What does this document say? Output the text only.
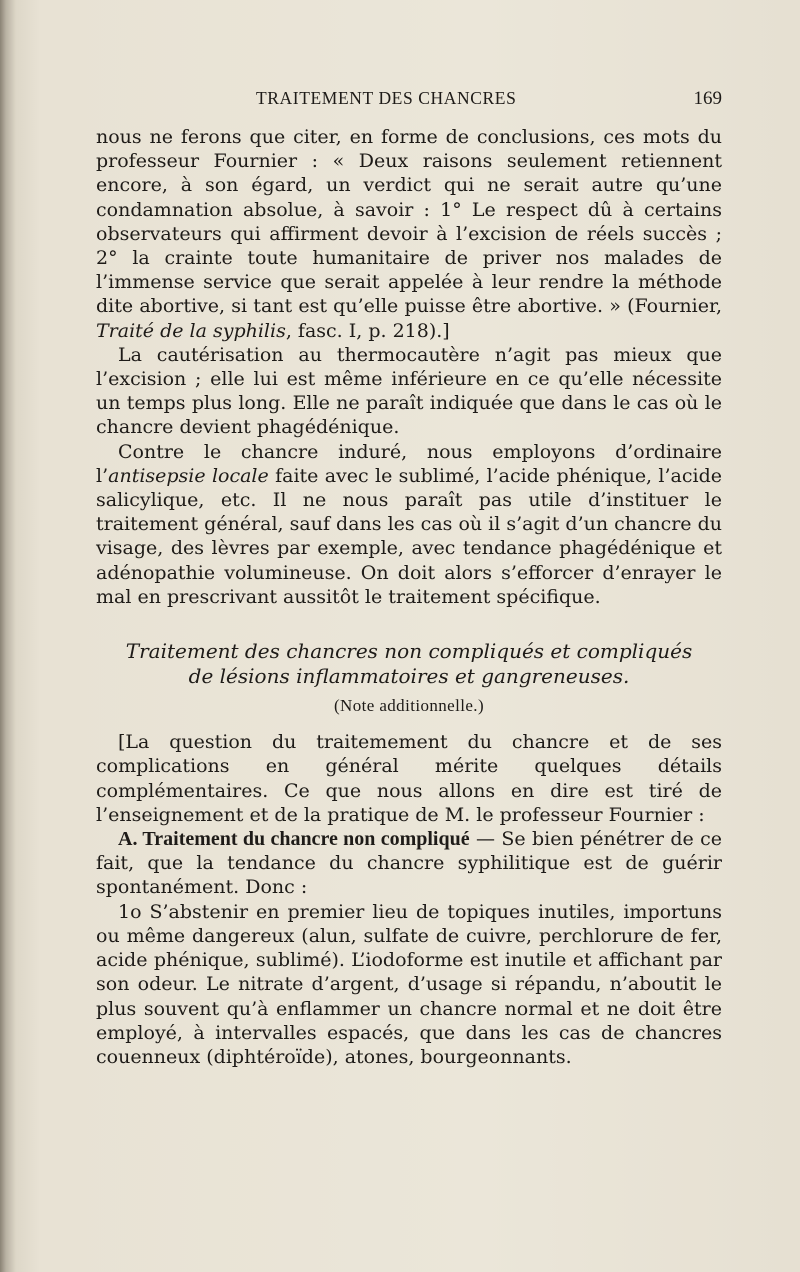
TRAITEMENT DES CHANCRES	169

nous ne ferons que citer, en forme de conclusions, ces mots du professeur Fournier : « Deux raisons seulement retiennent encore, à son égard, un verdict qui ne serait autre qu’une condamnation absolue, à savoir : 1° Le respect dû à certains observateurs qui affirment devoir à l’excision de réels succès ; 2° la crainte toute humanitaire de priver nos malades de l’immense service que serait appelée à leur rendre la méthode dite abortive, si tant est qu’elle puisse être abortive. » (Fournier, Traité de la syphilis, fasc. I, p. 218).]

La cautérisation au thermocautère n’agit pas mieux que l’excision ; elle lui est même inférieure en ce qu’elle nécessite un temps plus long. Elle ne paraît indiquée que dans le cas où le chancre devient phagédénique.

Contre le chancre induré, nous employons d’ordinaire l’antisepsie locale faite avec le sublimé, l’acide phénique, l’acide salicylique, etc. Il ne nous paraît pas utile d’instituer le traitement général, sauf dans les cas où il s’agit d’un chancre du visage, des lèvres par exemple, avec tendance phagédénique et adénopathie volumineuse. On doit alors s’efforcer d’enrayer le mal en prescrivant aussitôt le traitement spécifique.

Traitement des chancres non compliqués et compliqués
de lésions inflammatoires et gangreneuses.
(Note additionnelle.)

[La question du traitemement du chancre et de ses complications en général mérite quelques détails complémentaires. Ce que nous allons en dire est tiré de l’enseignement et de la pratique de M. le professeur Fournier :

A. Traitement du chancre non compliqué — Se bien pénétrer de ce fait, que la tendance du chancre syphilitique est de guérir spontanément. Donc :

1o S’abstenir en premier lieu de topiques inutiles, importuns ou même dangereux (alun, sulfate de cuivre, perchlorure de fer, acide phénique, sublimé). L’iodoforme est inutile et affichant par son odeur. Le nitrate d’argent, d’usage si répandu, n’aboutit le plus souvent qu’à enflammer un chancre normal et ne doit être employé, à intervalles espacés, que dans les cas de chancres couenneux (diphtéroïde), atones, bourgeonnants.
